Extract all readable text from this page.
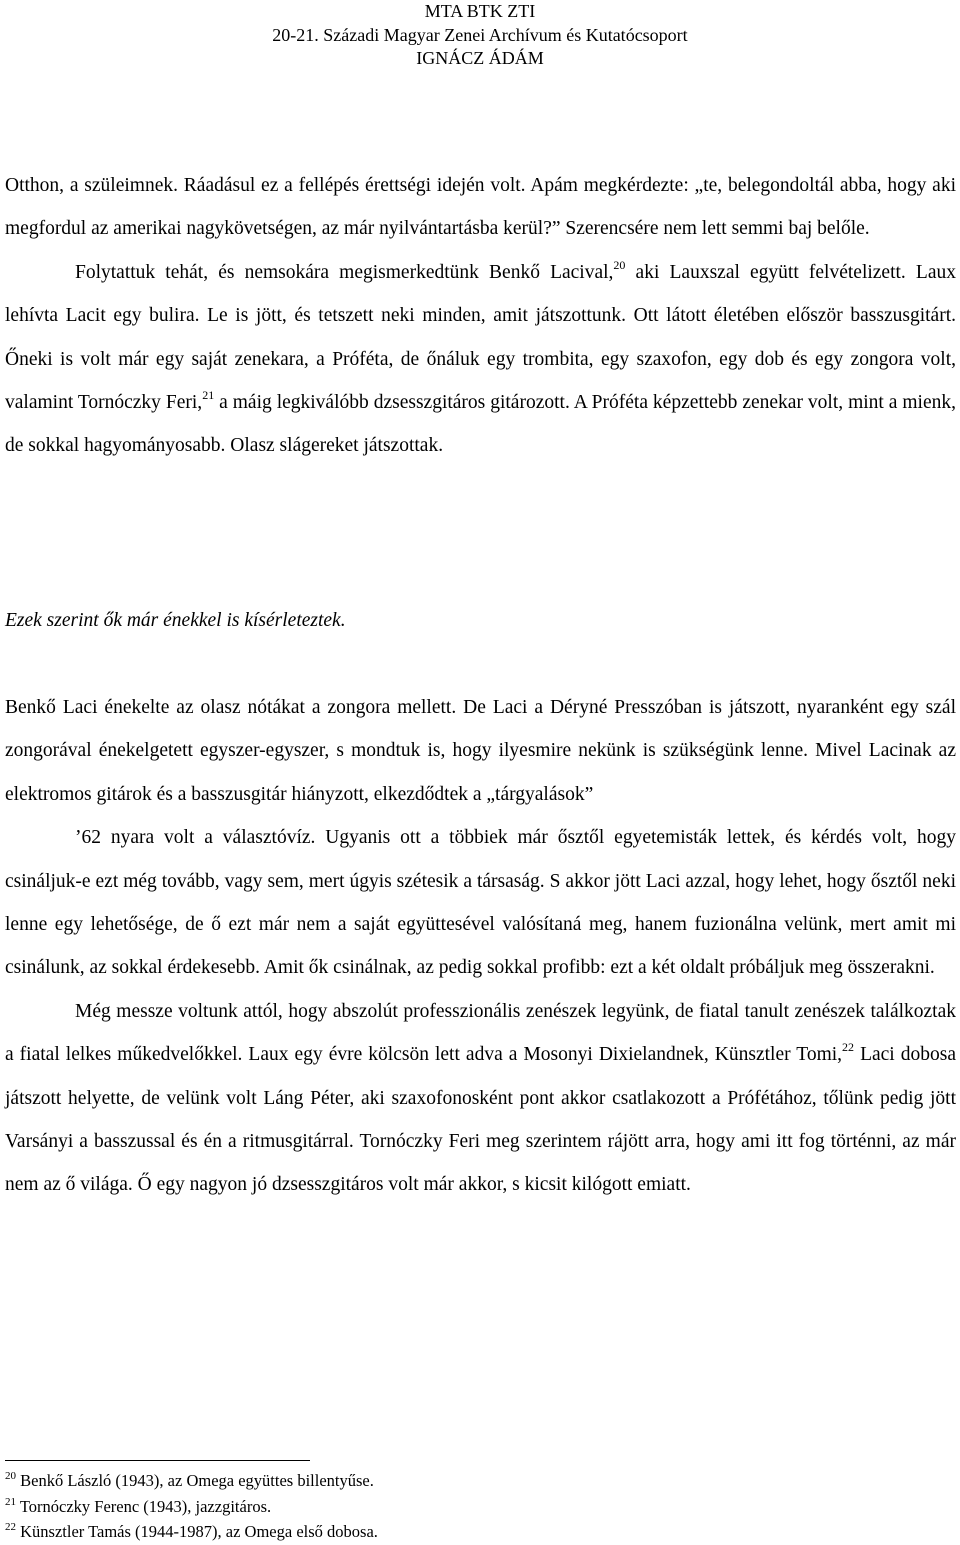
MTA BTK ZTI
20-21. Századi Magyar Zenei Archívum és Kutatócsoport
IGNÁCZ ÁDÁM

Otthon, a szüleimnek. Ráadásul ez a fellépés érettségi idején volt. Apám megkérdezte: „te, belegondoltál abba, hogy aki megfordul az amerikai nagykövetségen, az már nyilvántartásba kerül?” Szerencsére nem lett semmi baj belőle.

Folytattuk tehát, és nemsokára megismerkedtünk Benkő Lacival,$^{20}$ aki Lauxszal együtt felvételizett. Laux lehívta Lacit egy bulira. Le is jött, és tetszett neki minden, amit játszottunk. Ott látott életében először basszusgitárt. Őneki is volt már egy saját zenekara, a Próféta, de őnáluk egy trombita, egy szaxofon, egy dob és egy zongora volt, valamint Tornóczky Feri,$^{21}$ a máig legkiválóbb dzsesszgitáros gitározott. A Próféta képzettebb zenekar volt, mint a mienk, de sokkal hagyományosabb. Olasz slágereket játszottak.

Ezek szerint ők már énekkel is kísérleteztek.

Benkő Laci énekelte az olasz nótákat a zongora mellett. De Laci a Déryné Presszóban is játszott, nyaranként egy szál zongorával énekelgetett egyszer-egyszer, s mondtuk is, hogy ilyesmire nekünk is szükségünk lenne. Mivel Lacinak az elektromos gitárok és a basszusgitár hiányzott, elkezdődtek a „tárgyalások”

’62 nyara volt a választóvíz. Ugyanis ott a többiek már ősztől egyetemisták lettek, és kérdés volt, hogy csináljuk-e ezt még tovább, vagy sem, mert úgyis szétesik a társaság. S akkor jött Laci azzal, hogy lehet, hogy ősztől neki lenne egy lehetősége, de ő ezt már nem a saját együttesével valósítaná meg, hanem fuzionálna velünk, mert amit mi csinálunk, az sokkal érdekesebb. Amit ők csinálnak, az pedig sokkal profibb: ezt a két oldalt próbáljuk meg összerakni.

Még messze voltunk attól, hogy abszolút professzionális zenészek legyünk, de fiatal tanult zenészek találkoztak a fiatal lelkes műkedvelőkkel. Laux egy évre kölcsön lett adva a Mosonyi Dixielandnek, Künsztler Tomi,$^{22}$ Laci dobosa játszott helyette, de velünk volt Láng Péter, aki szaxofonosként pont akkor csatlakozott a Prófétához, tőlünk pedig jött Varsányi a basszussal és én a ritmusgitárral. Tornóczky Feri meg szerintem rájött arra, hogy ami itt fog történni, az már nem az ő világa. Ő egy nagyon jó dzsesszgitáros volt már akkor, s kicsit kilógott emiatt.

$^{20}$ Benkő László (1943), az Omega együttes billentyűse.

$^{21}$ Tornóczky Ferenc (1943), jazzgitáros.

$^{22}$ Künsztler Tamás (1944-1987), az Omega első dobosa.
